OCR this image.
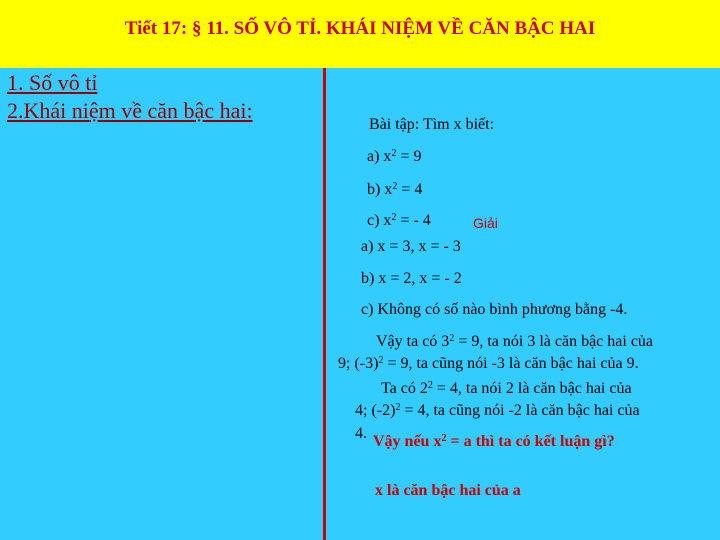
Tiết 17: § 11. SỐ VÔ TỈ. KHÁI NIỆM VỀ CĂN BẬC HAI
1. Số vô tỉ
2.Khái niệm về căn bậc hai:
Bài tập: Tìm x biết:
a) $x^2 = 9$
b) $x^2 = 4$
c) $x^2$ = - 4	Giải
a) x = 3, x = - 3
b) x = 2, x = - 2
c) Không có số nào bình phương bằng -4.
Vậy ta có $3^2 = 9$, ta nói 3 là căn bậc hai của
9; $(-3)^2 = 9$, ta cũng nói -3 là căn bậc hai của 9.
Ta có $2^2 = 4$, ta nói 2 là căn bậc hai của
4; $(-2)^2 = 4$, ta cũng nói -2 là căn bậc hai của
4. Vậy nếu $x^2 = a$ thì ta có kết luận gì?
x là căn bậc hai của a
